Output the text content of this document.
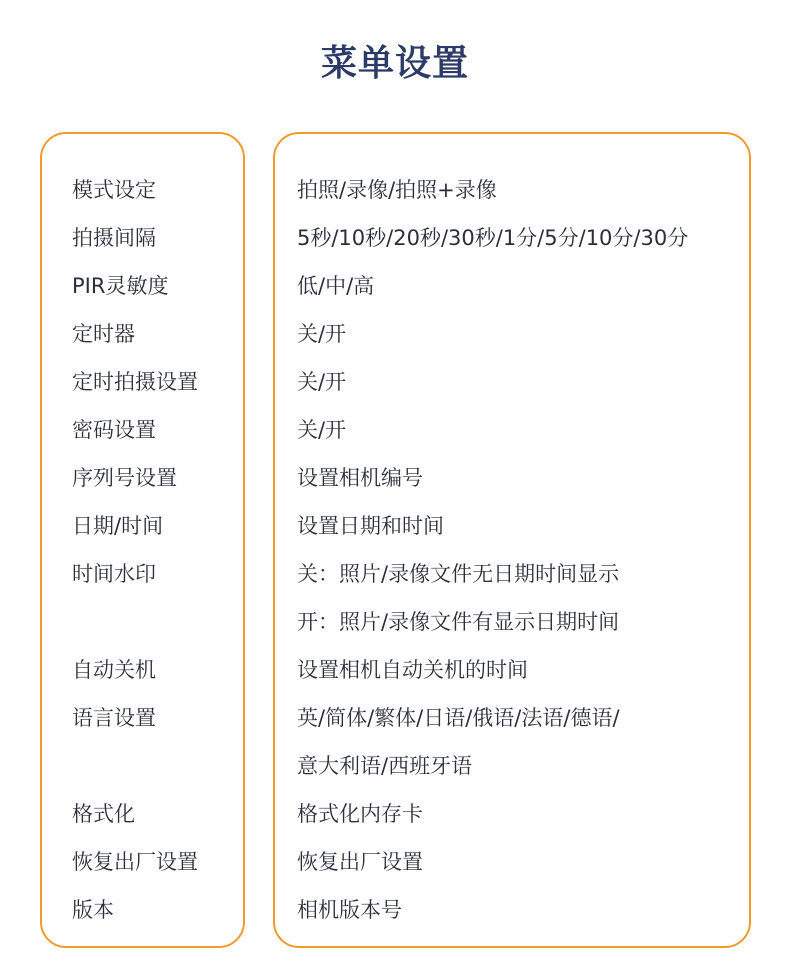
菜单设置
模式设定
拍摄间隔
PIR灵敏度
定时器
定时拍摄设置
密码设置
序列号设置
日期/时间
时间水印
自动关机
语言设置
格式化
恢复出厂设置
版本
拍照/录像/拍照+录像
5秒/10秒/20秒/30秒/1分/5分/10分/30分
低/中/高
关/开
关/开
关/开
设置相机编号
设置日期和时间
关：照片/录像文件无日期时间显示
开：照片/录像文件有显示日期时间
设置相机自动关机的时间
英/简体/繁体/日语/俄语/法语/德语/
意大利语/西班牙语
格式化内存卡
恢复出厂设置
相机版本号
